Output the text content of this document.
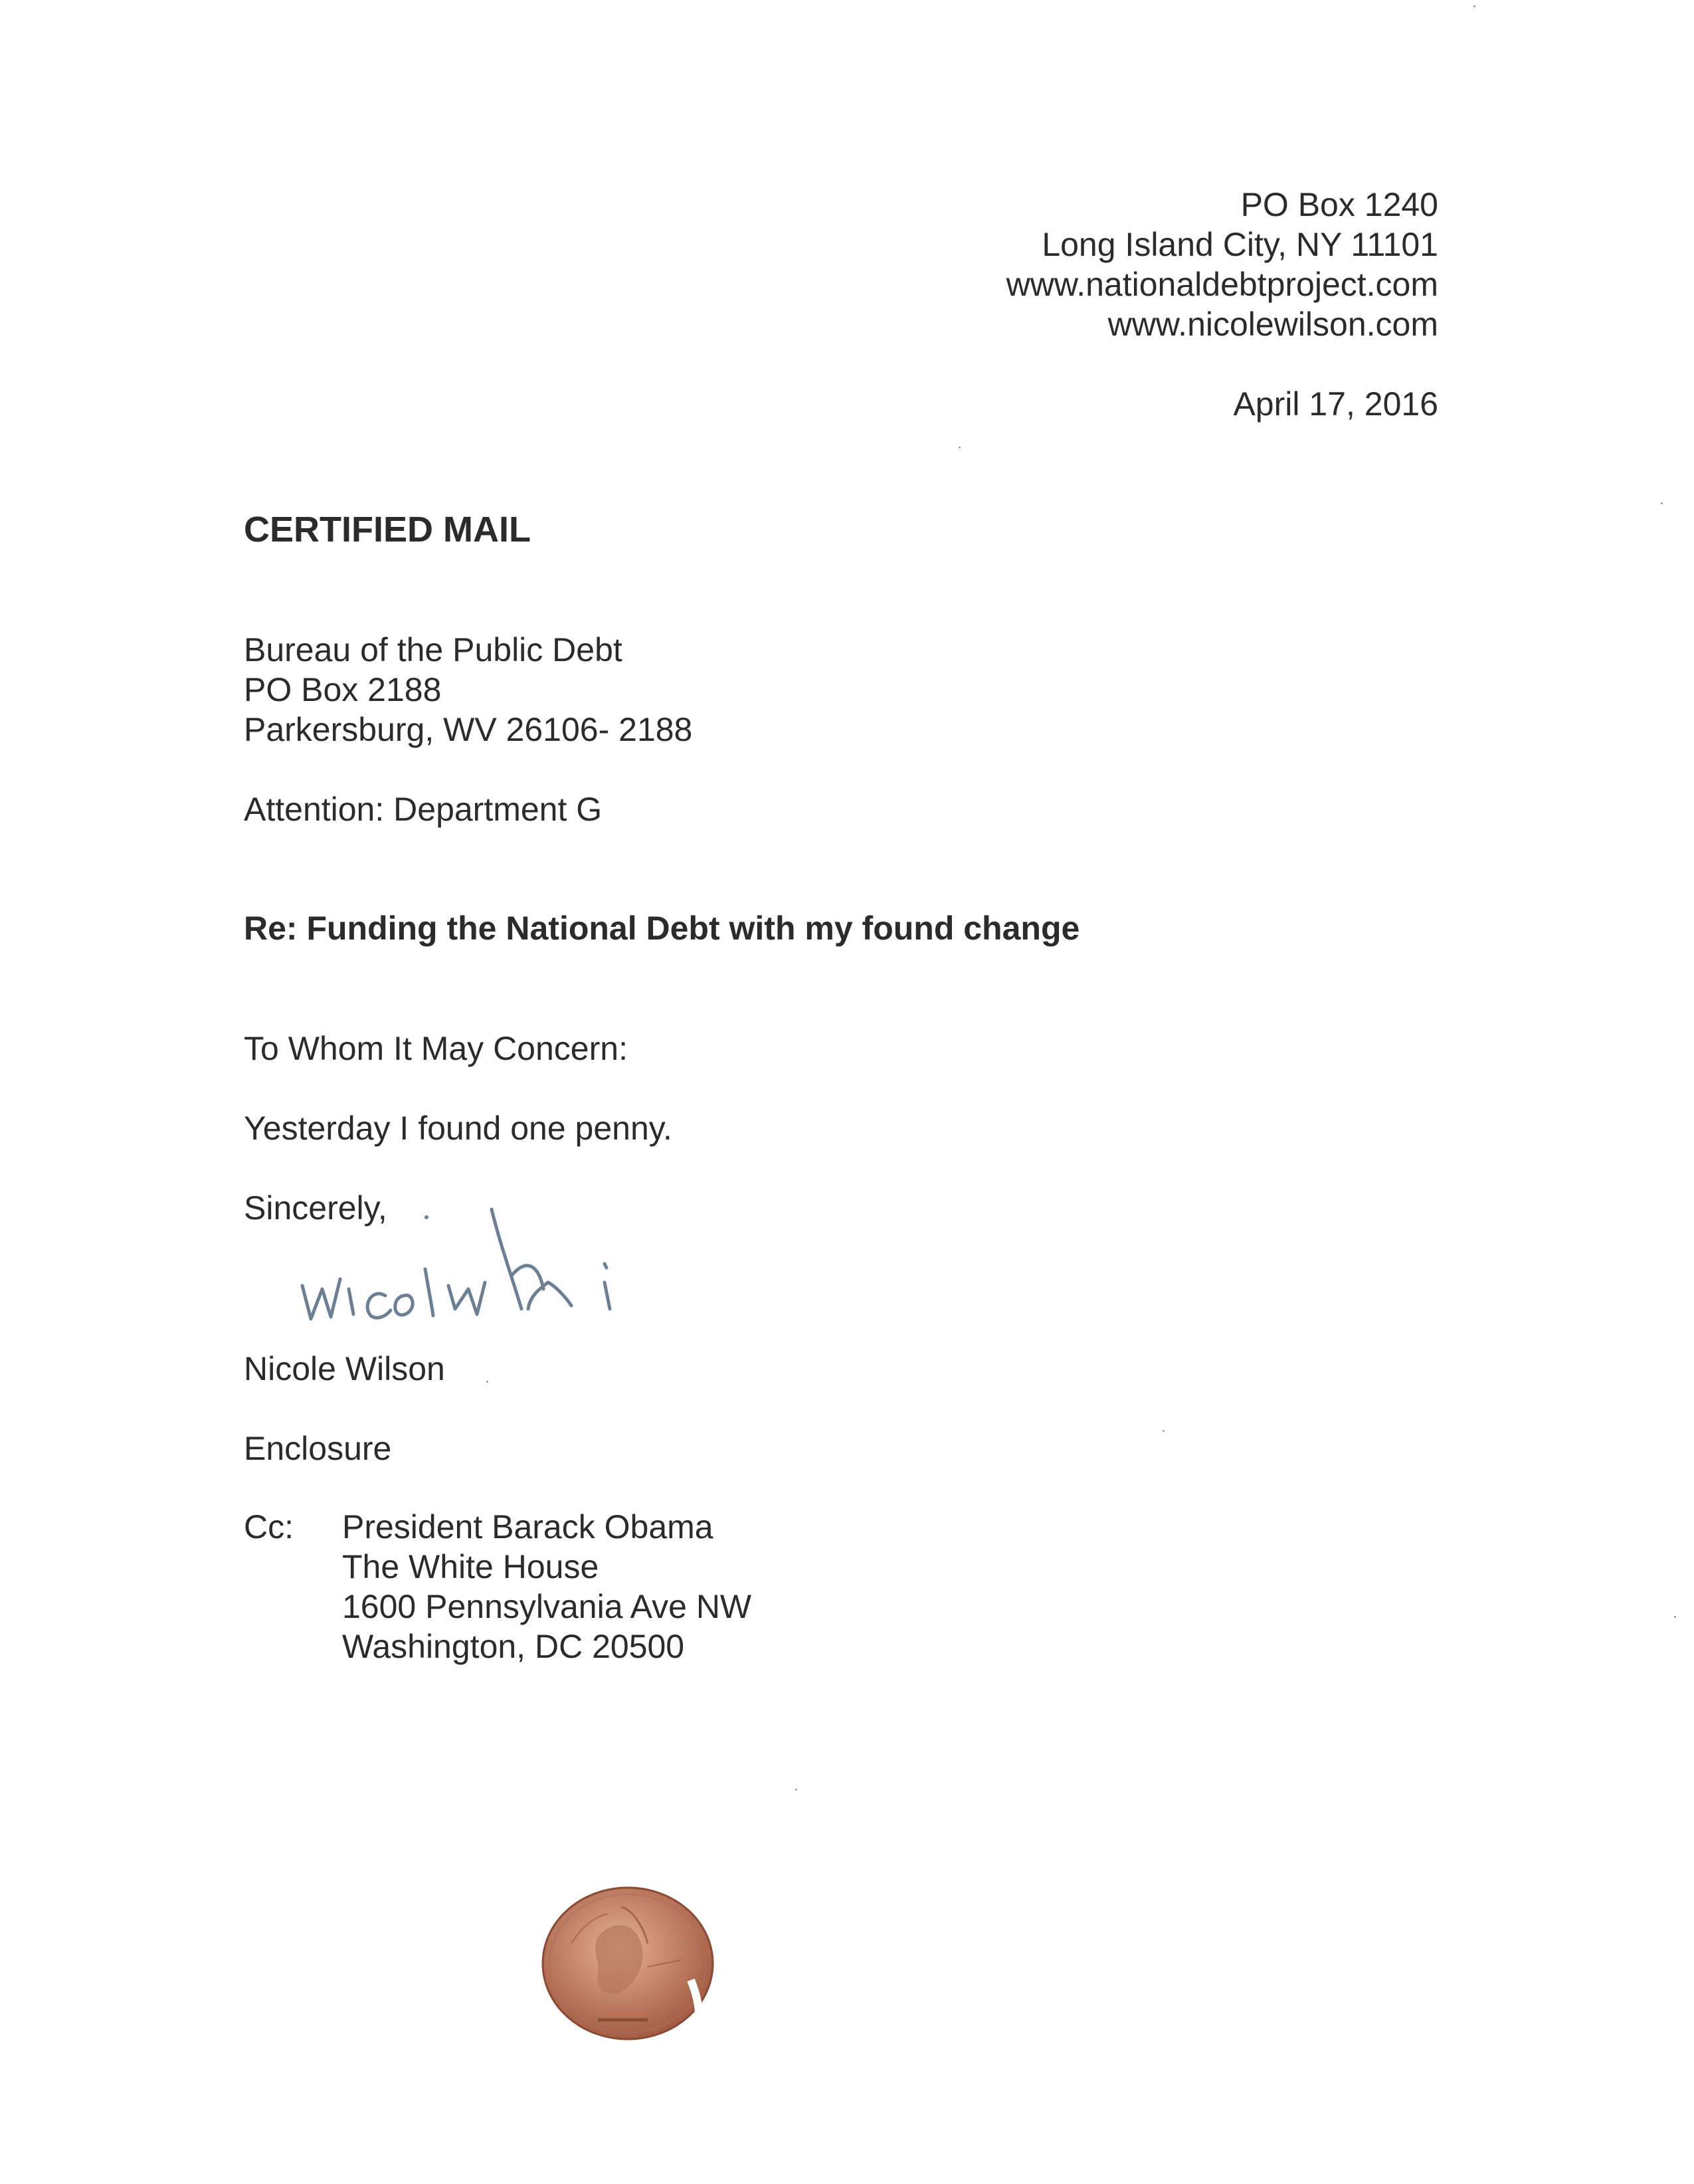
PO Box 1240
Long Island City, NY 11101
www.nationaldebtproject.com
www.nicolewilson.com
April 17, 2016
CERTIFIED MAIL
Bureau of the Public Debt
PO Box 2188
Parkersburg, WV 26106- 2188
Attention: Department G
Re: Funding the National Debt with my found change
To Whom It May Concern:
Yesterday I found one penny.
Sincerely,
Nicole Wilson
Enclosure
Cc: President Barack Obama
The White House
1600 Pennsylvania Ave NW
Washington, DC 20500
